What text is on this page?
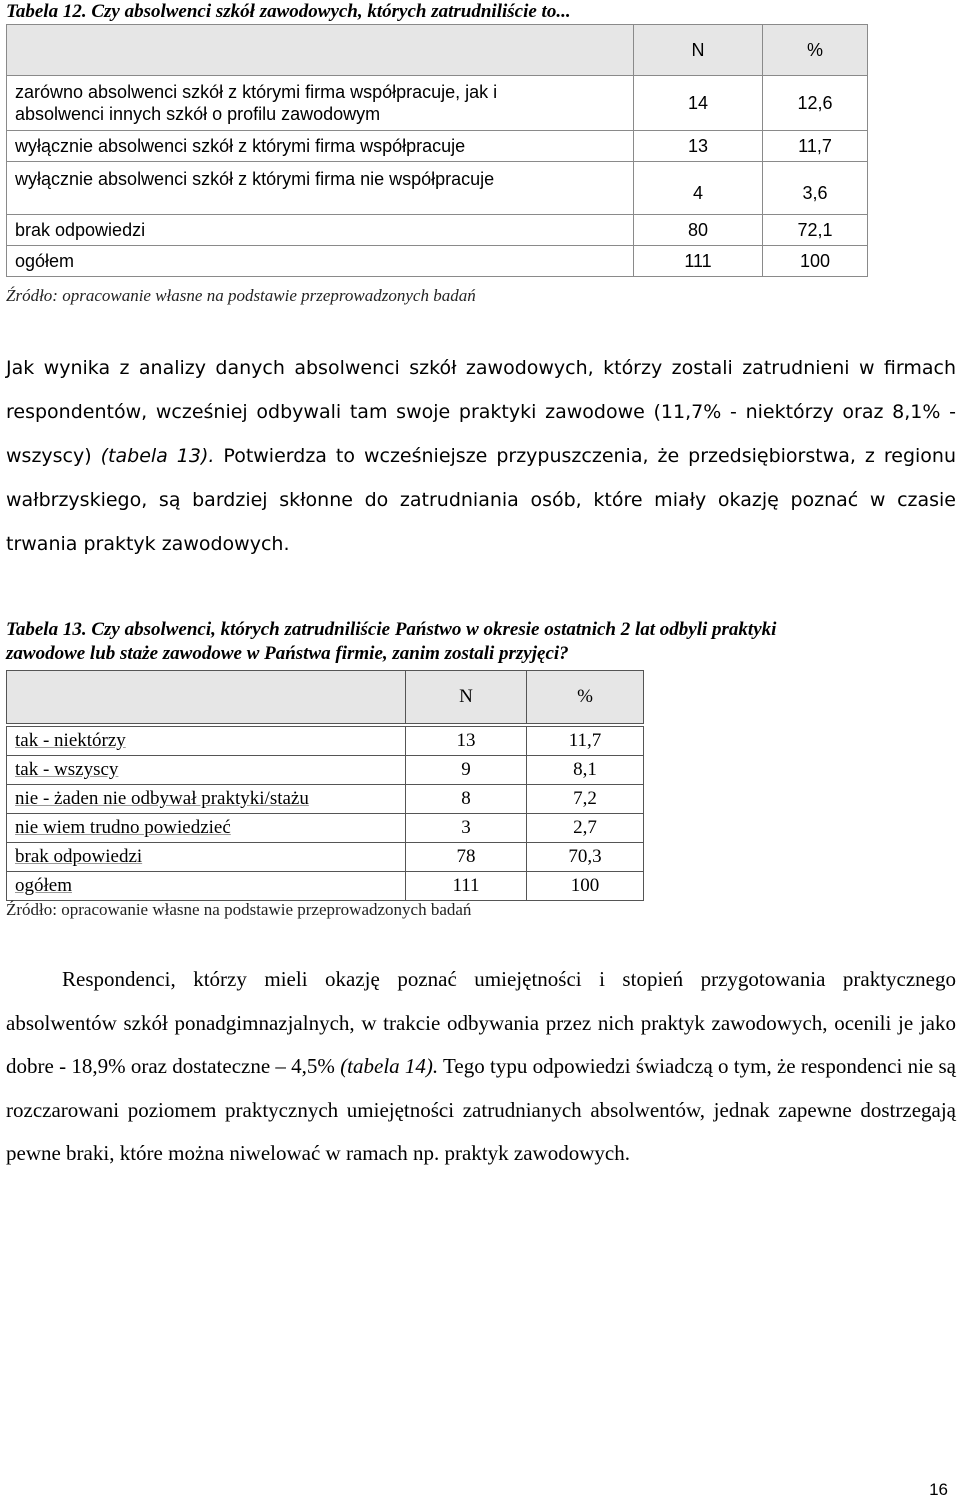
Tabela 12. Czy absolwenci szkół zawodowych, których zatrudniliście to...
	N	%

zarówno absolwenci szkół z którymi firma współpracuje, jak i
absolwenci innych szkół o profilu zawodowym	14	12,6
wyłącznie absolwenci szkół z którymi firma współpracuje	13	11,7
wyłącznie absolwenci szkół z którymi firma nie współpracuje	4	3,6
brak odpowiedzi	80	72,1
ogółem	111	100
Źródło: opracowanie własne na podstawie przeprowadzonych badań
Jak wynika z analizy danych absolwenci szkół zawodowych, którzy zostali zatrudnieni w firmach respondentów, wcześniej odbywali tam swoje praktyki zawodowe (11,7% - niektórzy oraz 8,1% - wszyscy) (tabela 13). Potwierdza to wcześniejsze przypuszczenia, że przedsiębiorstwa, z regionu wałbrzyskiego, są bardziej skłonne do zatrudniania osób, które miały okazję poznać w czasie trwania praktyk zawodowych.
Tabela 13. Czy absolwenci, których zatrudniliście Państwo w okresie ostatnich 2 lat odbyli praktyki
zawodowe lub staże zawodowe w Państwa firmie, zanim zostali przyjęci?
	N	%

tak - niektórzy	13	11,7
tak - wszyscy	9	8,1
nie - żaden nie odbywał praktyki/stażu	8	7,2
nie wiem trudno powiedzieć	3	2,7
brak odpowiedzi	78	70,3
ogółem	111	100
Źródło: opracowanie własne na podstawie przeprowadzonych badań
Respondenci, którzy mieli okazję poznać umiejętności i stopień przygotowania praktycznego absolwentów szkół ponadgimnazjalnych, w trakcie odbywania przez nich praktyk zawodowych, ocenili je jako dobre - 18,9% oraz dostateczne – 4,5% (tabela 14). Tego typu odpowiedzi świadczą o tym, że respondenci nie są rozczarowani poziomem praktycznych umiejętności zatrudnianych absolwentów, jednak zapewne dostrzegają pewne braki, które można niwelować w ramach np. praktyk zawodowych.
16
